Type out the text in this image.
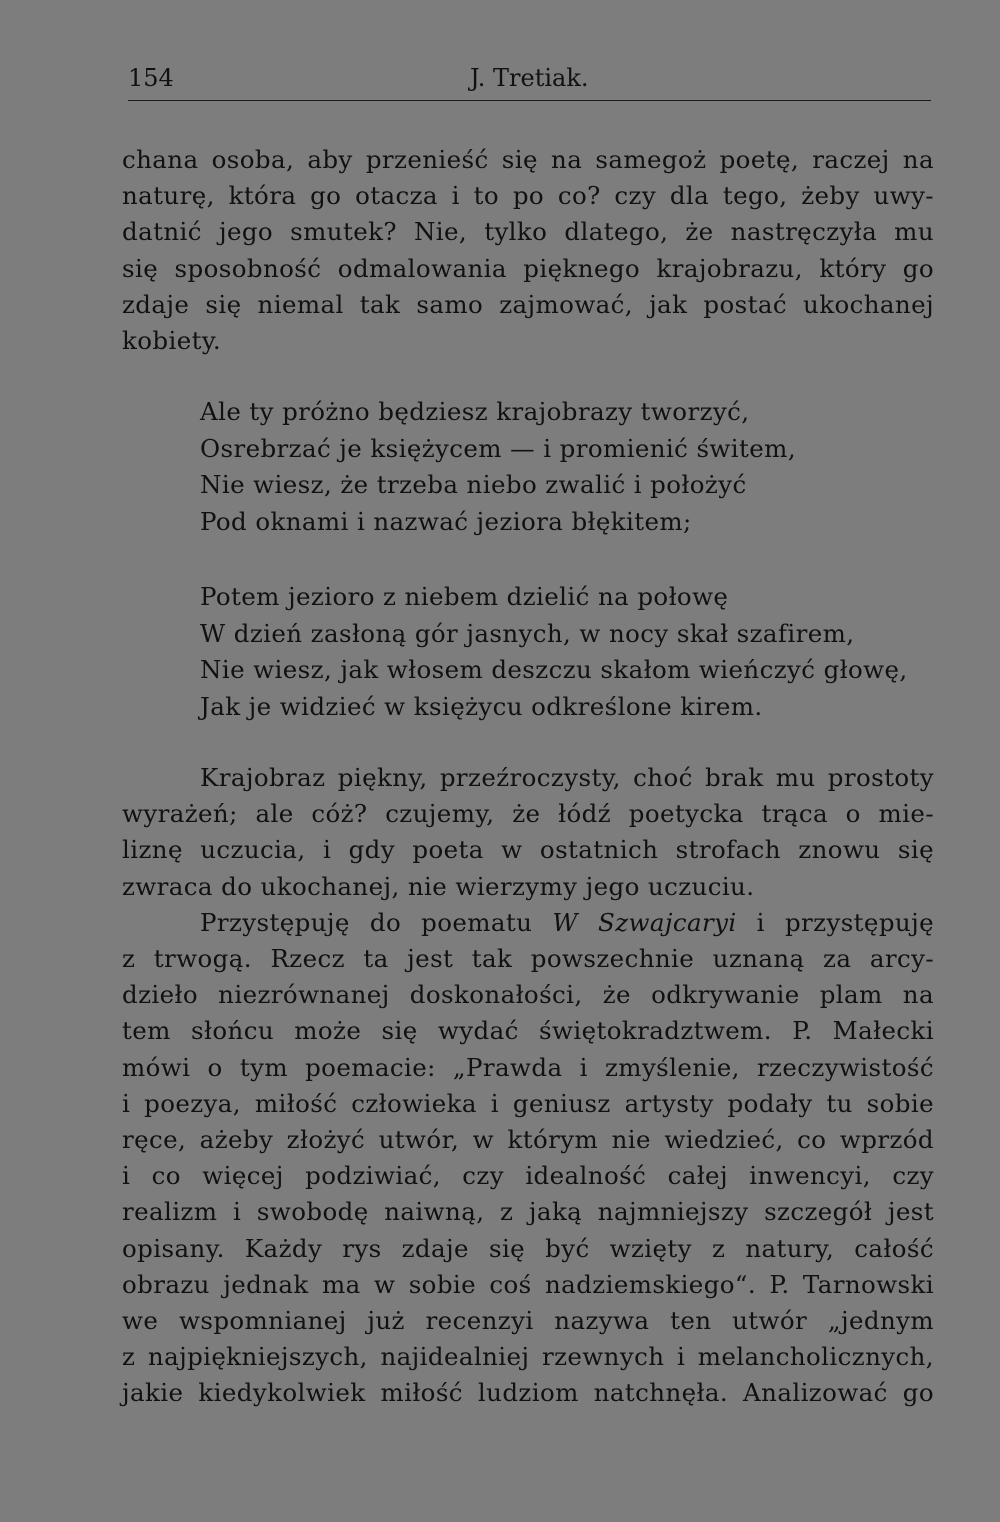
154	J. Tretiak.
chana osoba, aby przenieść się na samegoż poetę, raczej na
naturę, która go otacza i to po co? czy dla tego, żeby uwy-
datnić jego smutek? Nie, tylko dlatego, że nastręczyła mu
się sposobność odmalowania pięknego krajobrazu, który go
zdaje się niemal tak samo zajmować, jak postać ukochanej
kobiety.
Ale ty próżno będziesz krajobrazy tworzyć,
Osrebrzać je księżycem — i promienić świtem,
Nie wiesz, że trzeba niebo zwalić i położyć
Pod oknami i nazwać jeziora błękitem;
Potem jezioro z niebem dzielić na połowę
W dzień zasłoną gór jasnych, w nocy skał szafirem,
Nie wiesz, jak włosem deszczu skałom wieńczyć głowę,
Jak je widzieć w księżycu odkreślone kirem.
Krajobraz piękny, przeźroczysty, choć brak mu prostoty
wyrażeń; ale cóż? czujemy, że łódź poetycka trąca o mie-
liznę uczucia, i gdy poeta w ostatnich strofach znowu się
zwraca do ukochanej, nie wierzymy jego uczuciu.
Przystępuję do poematu W Szwajcaryi i przystępuję
z trwogą. Rzecz ta jest tak powszechnie uznaną za arcy-
dzieło niezrównanej doskonałości, że odkrywanie plam na
tem słońcu może się wydać świętokradztwem. P. Małecki
mówi o tym poemacie: „Prawda i zmyślenie, rzeczywistość
i poezya, miłość człowieka i geniusz artysty podały tu sobie
ręce, ażeby złożyć utwór, w którym nie wiedzieć, co wprzód
i co więcej podziwiać, czy idealność całej inwencyi, czy
realizm i swobodę naiwną, z jaką najmniejszy szczegół jest
opisany. Każdy rys zdaje się być wzięty z natury, całość
obrazu jednak ma w sobie coś nadziemskiego“. P. Tarnowski
we wspomnianej już recenzyi nazywa ten utwór „jednym
z najpiękniejszych, najidealniej rzewnych i melancholicznych,
jakie kiedykolwiek miłość ludziom natchnęła. Analizować go
